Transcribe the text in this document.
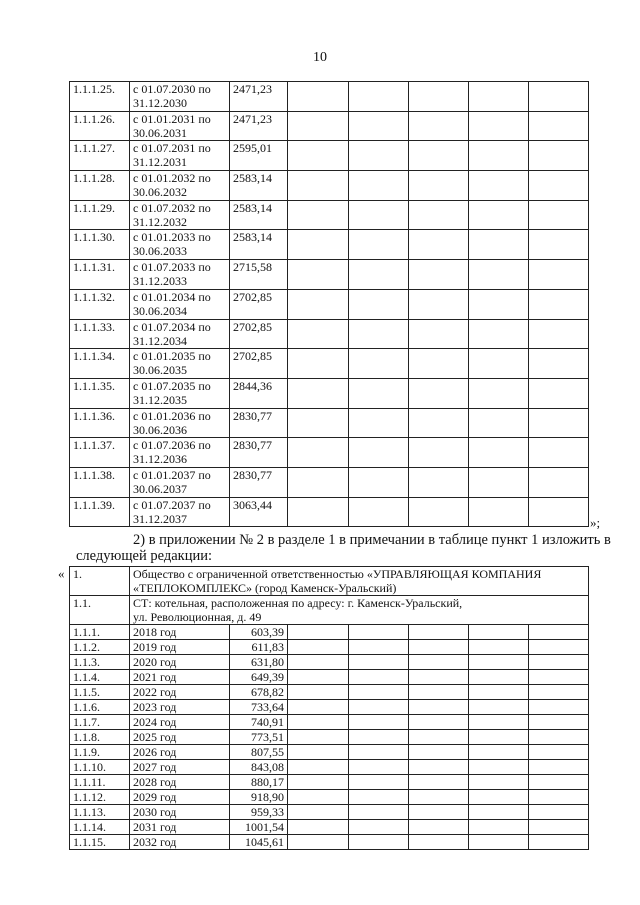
10
1.1.1.25.	с 01.07.2030 по
31.12.2030	2471,23					
1.1.1.26.	с 01.01.2031 по
30.06.2031	2471,23					
1.1.1.27.	с 01.07.2031 по
31.12.2031	2595,01					
1.1.1.28.	с 01.01.2032 по
30.06.2032	2583,14					
1.1.1.29.	с 01.07.2032 по
31.12.2032	2583,14					
1.1.1.30.	с 01.01.2033 по
30.06.2033	2583,14					
1.1.1.31.	с 01.07.2033 по
31.12.2033	2715,58					
1.1.1.32.	с 01.01.2034 по
30.06.2034	2702,85					
1.1.1.33.	с 01.07.2034 по
31.12.2034	2702,85					
1.1.1.34.	с 01.01.2035 по
30.06.2035	2702,85					
1.1.1.35.	с 01.07.2035 по
31.12.2035	2844,36					
1.1.1.36.	с 01.01.2036 по
30.06.2036	2830,77					
1.1.1.37.	с 01.07.2036 по
31.12.2036	2830,77					
1.1.1.38.	с 01.01.2037 по
30.06.2037	2830,77					
1.1.1.39.	с 01.07.2037 по
31.12.2037	3063,44					
»;
2) в приложении № 2 в разделе 1 в примечании в таблице пункт 1 изложить в следующей редакции:
« 1.	Общество с ограниченной ответственностью «УПРАВЛЯЮЩАЯ КОМПАНИЯ
«ТЕПЛОКОМПЛЕКС» (город Каменск-Уральский)						

1.1.	СТ: котельная, расположенная по адресу: г. Каменск-Уральский,
ул. Революционная, д. 49						

1.1.1.	2018 год	603,39					
1.1.2.	2019 год	611,83					
1.1.3.	2020 год	631,80					
1.1.4.	2021 год	649,39					
1.1.5.	2022 год	678,82					
1.1.6.	2023 год	733,64					
1.1.7.	2024 год	740,91					
1.1.8.	2025 год	773,51					
1.1.9.	2026 год	807,55					
1.1.10.	2027 год	843,08					
1.1.11.	2028 год	880,17					
1.1.12.	2029 год	918,90					
1.1.13.	2030 год	959,33					
1.1.14.	2031 год	1001,54					
1.1.15.	2032 год	1045,61					
